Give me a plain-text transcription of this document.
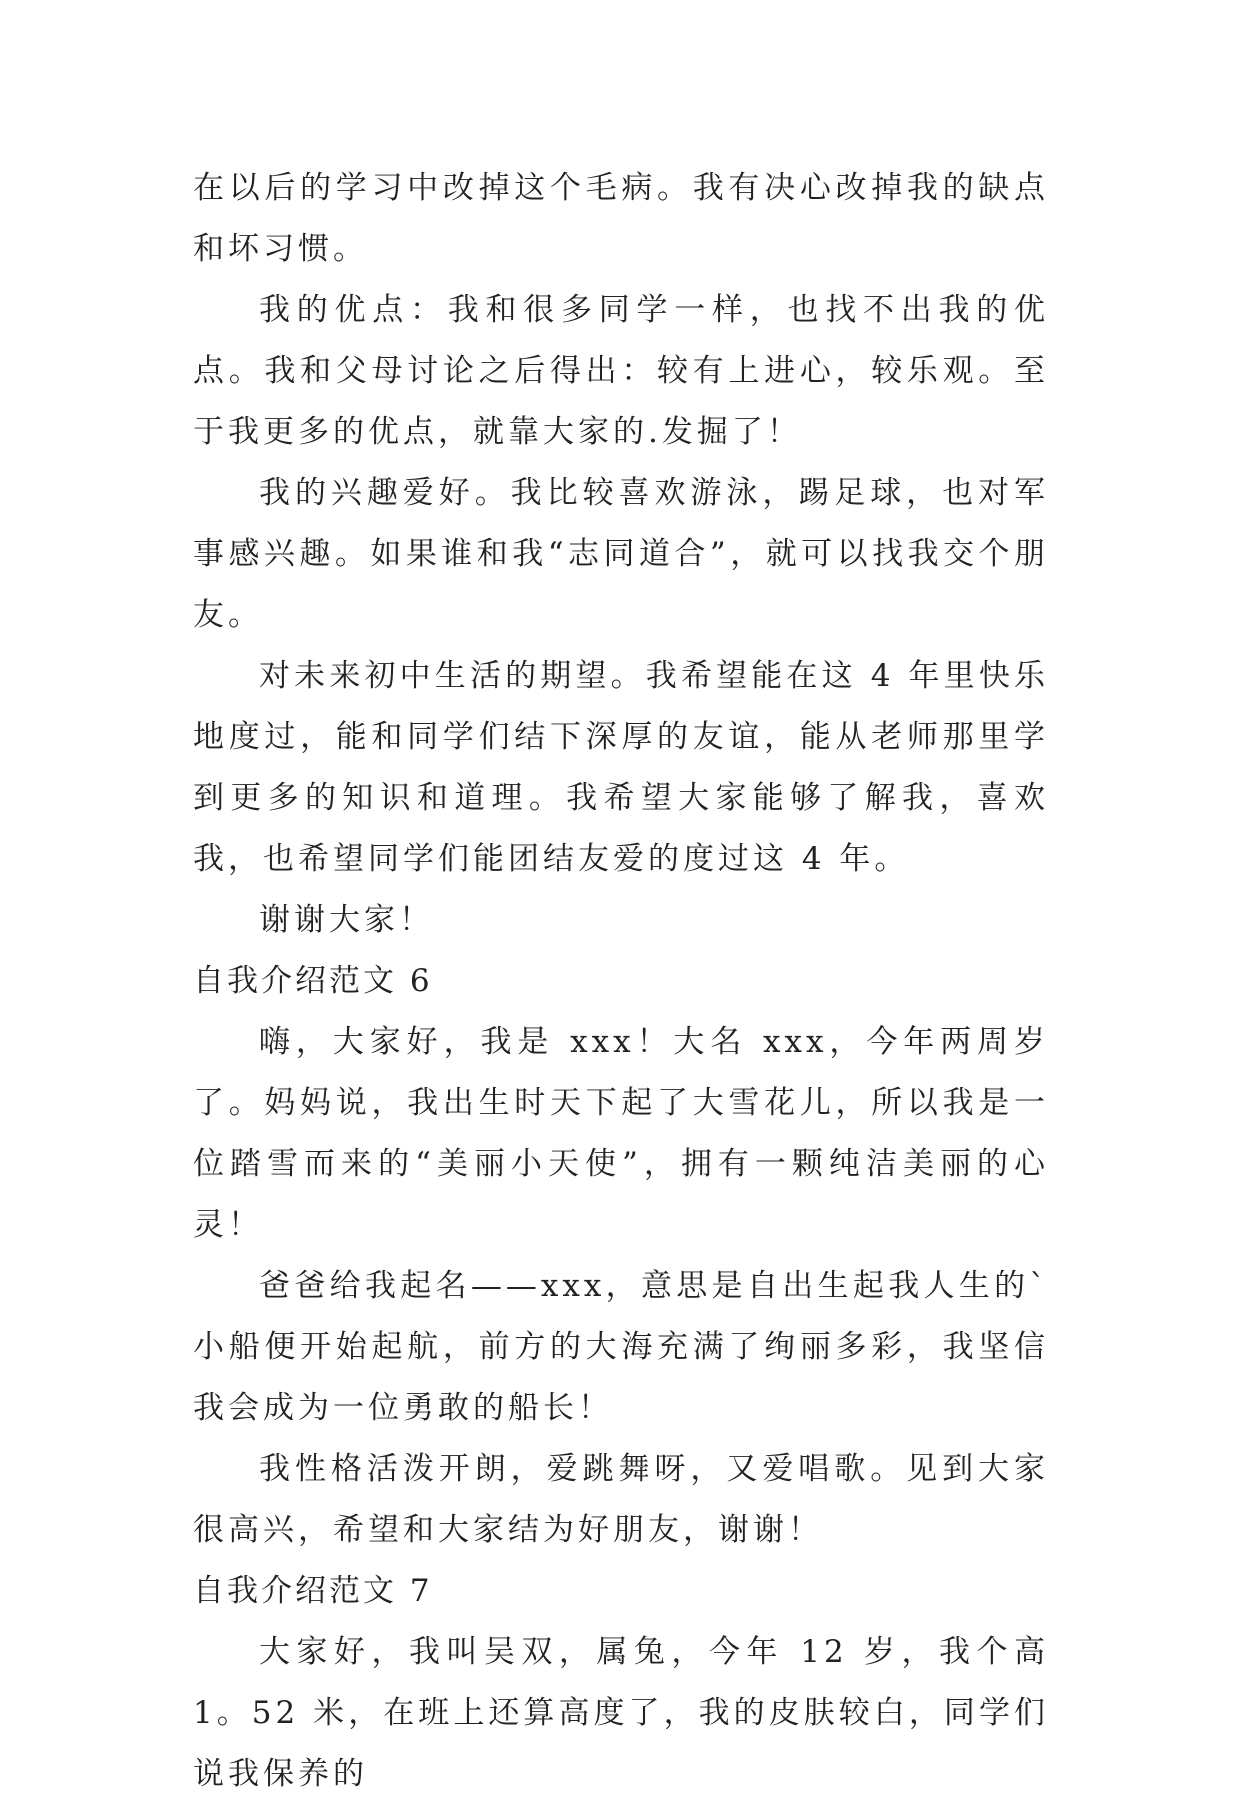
在以后的学习中改掉这个毛病。我有决心改掉我的缺点和坏习惯。

我的优点：我和很多同学一样，也找不出我的优点。我和父母讨论之后得出：较有上进心，较乐观。至于我更多的优点，就靠大家的.发掘了！

我的兴趣爱好。我比较喜欢游泳，踢足球，也对军事感兴趣。如果谁和我“志同道合”，就可以找我交个朋友。

对未来初中生活的期望。我希望能在这 4 年里快乐地度过，能和同学们结下深厚的友谊，能从老师那里学到更多的知识和道理。我希望大家能够了解我，喜欢我，也希望同学们能团结友爱的度过这 4 年。

谢谢大家！

自我介绍范文 6

嗨，大家好，我是 xxx！大名 xxx，今年两周岁了。妈妈说，我出生时天下起了大雪花儿，所以我是一位踏雪而来的“美丽小天使”，拥有一颗纯洁美丽的心灵！

爸爸给我起名——xxx，意思是自出生起我人生的`小船便开始起航，前方的大海充满了绚丽多彩，我坚信我会成为一位勇敢的船长！

我性格活泼开朗，爱跳舞呀，又爱唱歌。见到大家很高兴，希望和大家结为好朋友，谢谢！

自我介绍范文 7

大家好，我叫吴双，属兔，今年 12 岁，我个高 1。52 米，在班上还算高度了，我的皮肤较白，同学们说我保养的
